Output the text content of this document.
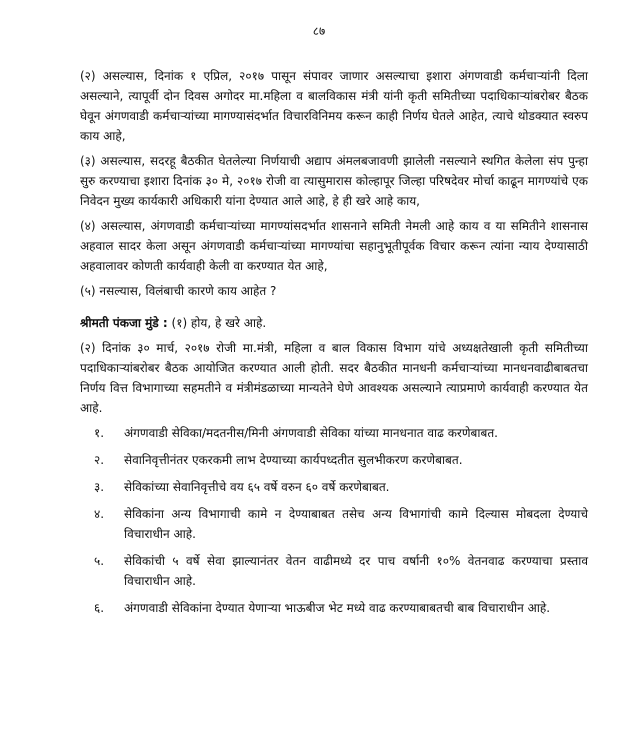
८७

(२) असल्यास, दिनांक १ एप्रिल, २०१७ पासून संपावर जाणार असल्याचा इशारा अंगणवाडी कर्मचाऱ्यांनी दिला असल्याने, त्यापूर्वी दोन दिवस अगोदर मा.महिला व बालविकास मंत्री यांनी कृती समितीच्या पदाधिकाऱ्यांबरोबर बैठक घेवून अंगणवाडी कर्मचाऱ्यांच्या मागण्यासंदर्भात विचारविनिमय करून काही निर्णय घेतले आहेत, त्याचे थोडक्यात स्वरुप काय आहे,

(३) असल्यास, सदरहू बैठकीत घेतलेल्या निर्णयाची अद्याप अंमलबजावणी झालेली नसल्याने स्थगित केलेला संप पुन्हा सुरु करण्याचा इशारा दिनांक ३० मे, २०१७ रोजी वा त्यासुमारास कोल्हापूर जिल्हा परिषदेवर मोर्चा काढून मागण्यांचे एक निवेदन मुख्य कार्यकारी अधिकारी यांना देण्यात आले आहे, हे ही खरे आहे काय,

(४) असल्यास, अंगणवाडी कर्मचाऱ्यांच्या मागण्यांसदर्भात शासनाने समिती नेमली आहे काय व या समितीने शासनास अहवाल सादर केला असून अंगणवाडी कर्मचाऱ्यांच्या मागण्यांचा सहानुभूतीपूर्वक विचार करून त्यांना न्याय देण्यासाठी अहवालावर कोणती कार्यवाही केली वा करण्यात येत आहे,

(५) नसल्यास, विलंबाची कारणे काय आहेत ?

श्रीमती पंकजा मुंडे : (१) होय, हे खरे आहे.

(२) दिनांक ३० मार्च, २०१७ रोजी मा.मंत्री, महिला व बाल विकास विभाग यांचे अध्यक्षतेखाली कृती समितीच्या पदाधिकाऱ्यांबरोबर बैठक आयोजित करण्यात आली होती. सदर बैठकीत मानधनी कर्मचाऱ्यांच्या मानधनवाढीबाबतचा निर्णय वित्त विभागाच्या सहमतीने व मंत्रीमंडळाच्या मान्यतेने घेणे आवश्यक असल्याने त्याप्रमाणे कार्यवाही करण्यात येत आहे.

१.	अंगणवाडी सेविका/मदतनीस/मिनी अंगणवाडी सेविका यांच्या मानधनात वाढ करणेबाबत.
२.	सेवानिवृत्तीनंतर एकरकमी लाभ देण्याच्या कार्यपध्दतीत सुलभीकरण करणेबाबत.
३.	सेविकांच्या सेवानिवृत्तीचे वय ६५ वर्षे वरुन ६० वर्षे करणेबाबत.
४.	सेविकांना अन्य विभागाची कामे न देण्याबाबत तसेच अन्य विभागांची कामे दिल्यास मोबदला देण्याचे विचाराधीन आहे.
५.	सेविकांची ५ वर्षे सेवा झाल्यानंतर वेतन वाढीमध्ये दर पाच वर्षानी १०% वेतनवाढ करण्याचा प्रस्ताव विचाराधीन आहे.
६.	अंगणवाडी सेविकांना देण्यात येणाऱ्या भाऊबीज भेट मध्ये वाढ करण्याबाबतची बाब विचाराधीन आहे.
